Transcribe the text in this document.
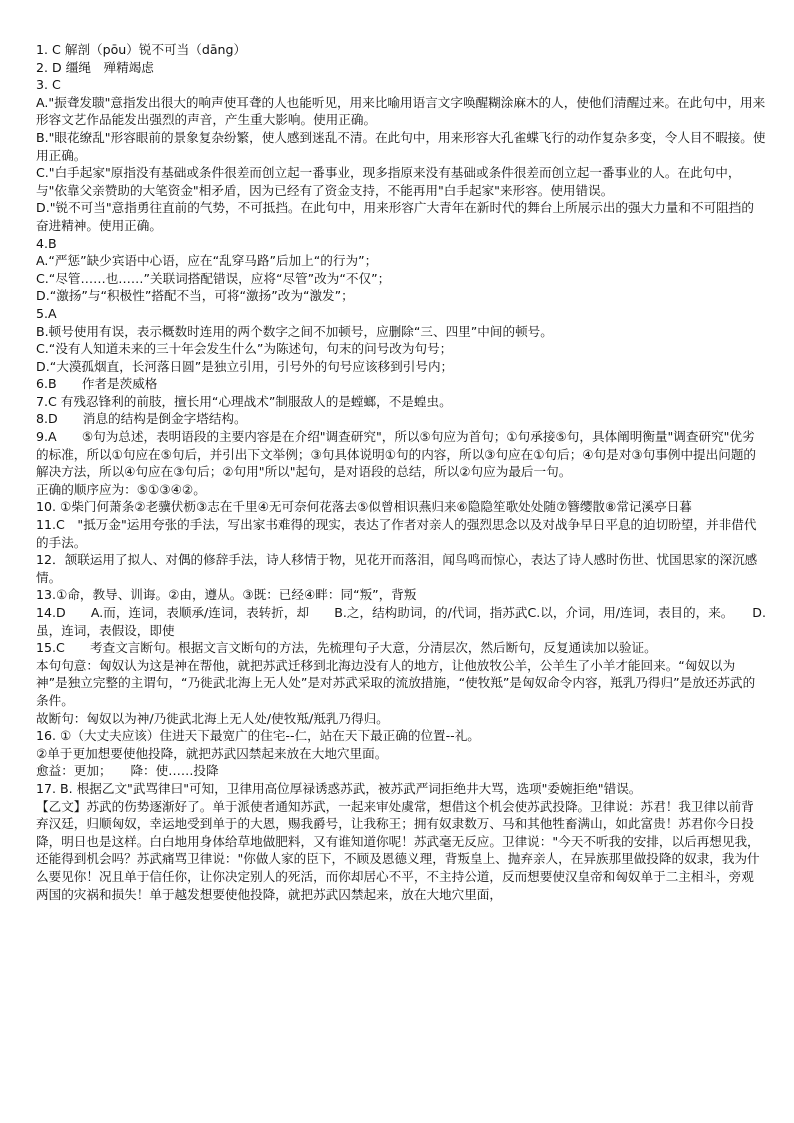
1. C 解剖（pōu）锐不可当（dāng）

2. D 缰绳　殚精竭虑

3. C

A."振聋发聩"意指发出很大的响声使耳聋的人也能听见，用来比喻用语言文字唤醒糊涂麻木的人，使他们清醒过来。在此句中，用来形容文艺作品能发出强烈的声音，产生重大影响。使用正确。

B."眼花缭乱"形容眼前的景象复杂纷繁，使人感到迷乱不清。在此句中，用来形容大孔雀蝶飞行的动作复杂多变，令人目不暇接。使用正确。

C."白手起家"原指没有基础或条件很差而创立起一番事业，现多指原来没有基础或条件很差而创立起一番事业的人。在此句中，与"依靠父亲赞助的大笔资金"相矛盾，因为已经有了资金支持，不能再用"白手起家"来形容。使用错误。

D."锐不可当"意指勇往直前的气势，不可抵挡。在此句中，用来形容广大青年在新时代的舞台上所展示出的强大力量和不可阻挡的奋进精神。使用正确。

4.B

A.“严惩”缺少宾语中心语，应在“乱穿马路”后加上“的行为”；

C.“尽管……也……”关联词搭配错误，应将“尽管”改为“不仅”；

D.“激扬”与“积极性”搭配不当，可将“激扬”改为“激发”；

5.A

B.顿号使用有误，表示概数时连用的两个数字之间不加顿号，应删除“三、四里”中间的顿号。

C.“没有人知道未来的三十年会发生什么”为陈述句，句末的问号改为句号；

D.“大漠孤烟直，长河落日圆”是独立引用，引号外的句号应该移到引号内；

6.B　　作者是茨威格

7.C 有残忍锋利的前肢，擅长用“心理战术”制服敌人的是螳螂，不是蝗虫。

8.D　　消息的结构是倒金字塔结构。

9.A　　⑤句为总述，表明语段的主要内容是在介绍"调查研究"，所以⑤句应为首句；①句承接⑤句，具体阐明衡量"调查研究"优劣的标准，所以①句应在⑤句后，并引出下文举例；③句具体说明①句的内容，所以③句应在①句后；④句是对③句事例中提出问题的解决方法，所以④句应在③句后；②句用"所以"起句，是对语段的总结，所以②句应为最后一句。

正确的顺序应为：⑤①③④②。

10. ①柴门何萧条②老骥伏枥③志在千里④无可奈何花落去⑤似曾相识燕归来⑥隐隐笙歌处处随⑦簪缨散⑧常记溪亭日暮

11.C　"抵万金"运用夸张的手法，写出家书难得的现实，表达了作者对亲人的强烈思念以及对战争早日平息的迫切盼望，并非借代的手法。

12．颔联运用了拟人、对偶的修辞手法，诗人移情于物，见花开而落泪，闻鸟鸣而惊心，表达了诗人感时伤世、忧国思家的深沉感情。

13.①命，教导、训诲。②由，遵从。③既：已经④畔：同“叛”，背叛

14.D　　A.而，连词，表顺承/连词，表转折，却　　B.之，结构助词，的/代词，指苏武C.以，介词，用/连词，表目的，来。　　D.虽，连词，表假设，即使

15.C　　考查文言断句。根据文言文断句的方法，先梳理句子大意，分清层次，然后断句，反复通读加以验证。

本句句意：匈奴认为这是神在帮他，就把苏武迁移到北海边没有人的地方，让他放牧公羊，公羊生了小羊才能回来。“匈奴以为神”是独立完整的主谓句，“乃徙武北海上无人处”是对苏武采取的流放措施，“使牧羝”是匈奴命令内容，羝乳乃得归”是放还苏武的条件。

故断句：匈奴以为神/乃徙武北海上无人处/使牧羝/羝乳乃得归。

16. ①（大丈夫应该）住进天下最宽广的住宅--仁，站在天下最正确的位置--礼。

②单于更加想要使他投降，就把苏武囚禁起来放在大地穴里面。

愈益：更加；　　降：使……投降

17. B. 根据乙文"武骂律曰"可知，卫律用高位厚禄诱惑苏武，被苏武严词拒绝井大骂，选项"委婉拒绝"错误。

【乙文】苏武的伤势逐渐好了。单于派使者通知苏武，一起来审处虞常，想借这个机会使苏武投降。卫律说：苏君！我卫律以前背弃汉廷，归顺匈奴，幸运地受到单于的大恩，赐我爵号，让我称王；拥有奴隶数万、马和其他牲畜满山，如此富贵！苏君你今日投降，明日也是这样。白白地用身体给草地做肥料，又有谁知道你呢！苏武毫无反应。卫律说："今天不听我的安排，以后再想见我，还能得到机会吗？苏武痛骂卫律说："你做人家的臣下，不顾及恩德义理，背叛皇上、抛弃亲人，在异族那里做投降的奴隶，我为什么要见你！况且单于信任你，让你决定别人的死活，而你却居心不平，不主持公道，反而想要使汉皇帝和匈奴单于二主相斗，旁观两国的灾祸和损失！单于越发想要使他投降，就把苏武囚禁起来，放在大地穴里面，
